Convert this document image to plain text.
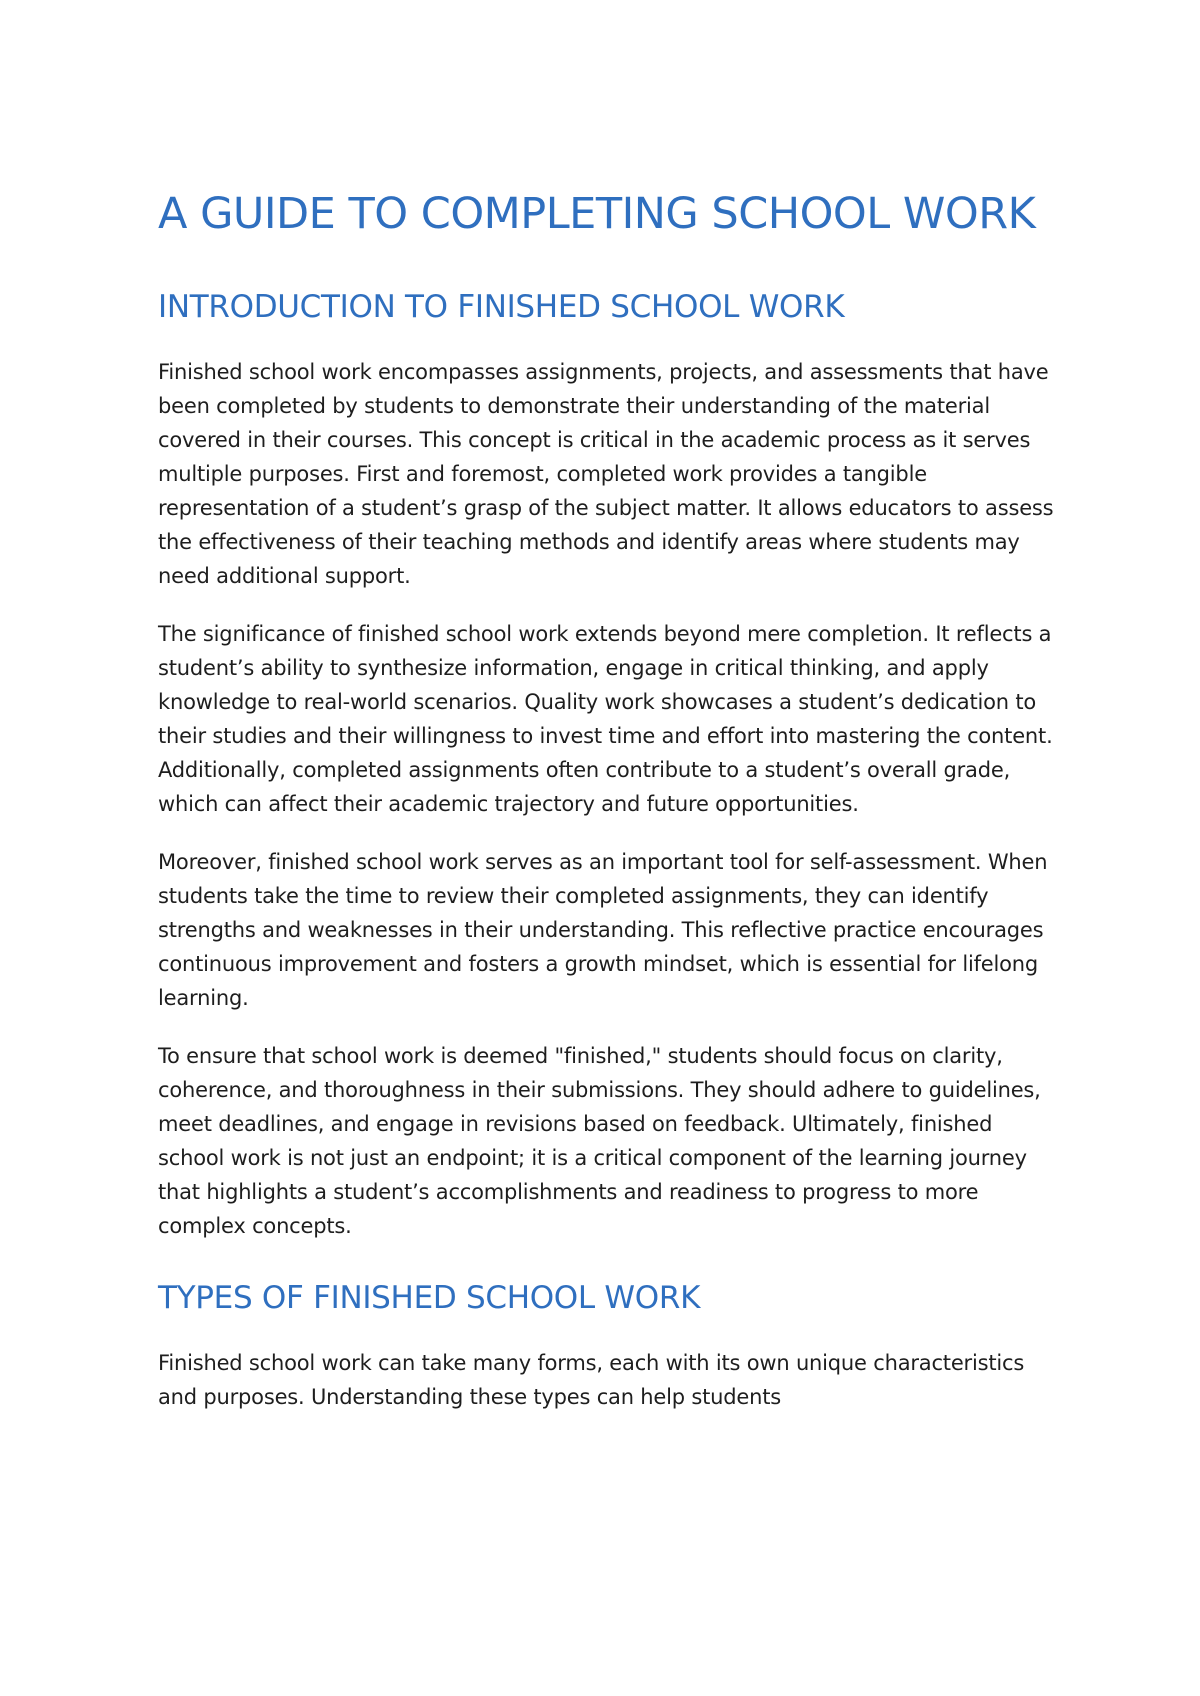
A GUIDE TO COMPLETING SCHOOL WORK
INTRODUCTION TO FINISHED SCHOOL WORK

Finished school work encompasses assignments, projects, and assessments that have been completed by students to demonstrate their understanding of the material covered in their courses. This concept is critical in the academic process as it serves multiple purposes. First and foremost, completed work provides a tangible representation of a student’s grasp of the subject matter. It allows educators to assess the effectiveness of their teaching methods and identify areas where students may need additional support.

The significance of finished school work extends beyond mere completion. It reflects a student’s ability to synthesize information, engage in critical thinking, and apply knowledge to real-world scenarios. Quality work showcases a student’s dedication to their studies and their willingness to invest time and effort into mastering the content. Additionally, completed assignments often contribute to a student’s overall grade, which can affect their academic trajectory and future opportunities.

Moreover, finished school work serves as an important tool for self-assessment. When students take the time to review their completed assignments, they can identify strengths and weaknesses in their understanding. This reflective practice encourages continuous improvement and fosters a growth mindset, which is essential for lifelong learning.

To ensure that school work is deemed "finished," students should focus on clarity, coherence, and thoroughness in their submissions. They should adhere to guidelines, meet deadlines, and engage in revisions based on feedback. Ultimately, finished school work is not just an endpoint; it is a critical component of the learning journey that highlights a student’s accomplishments and readiness to progress to more complex concepts.

TYPES OF FINISHED SCHOOL WORK

Finished school work can take many forms, each with its own unique characteristics and purposes. Understanding these types can help students
